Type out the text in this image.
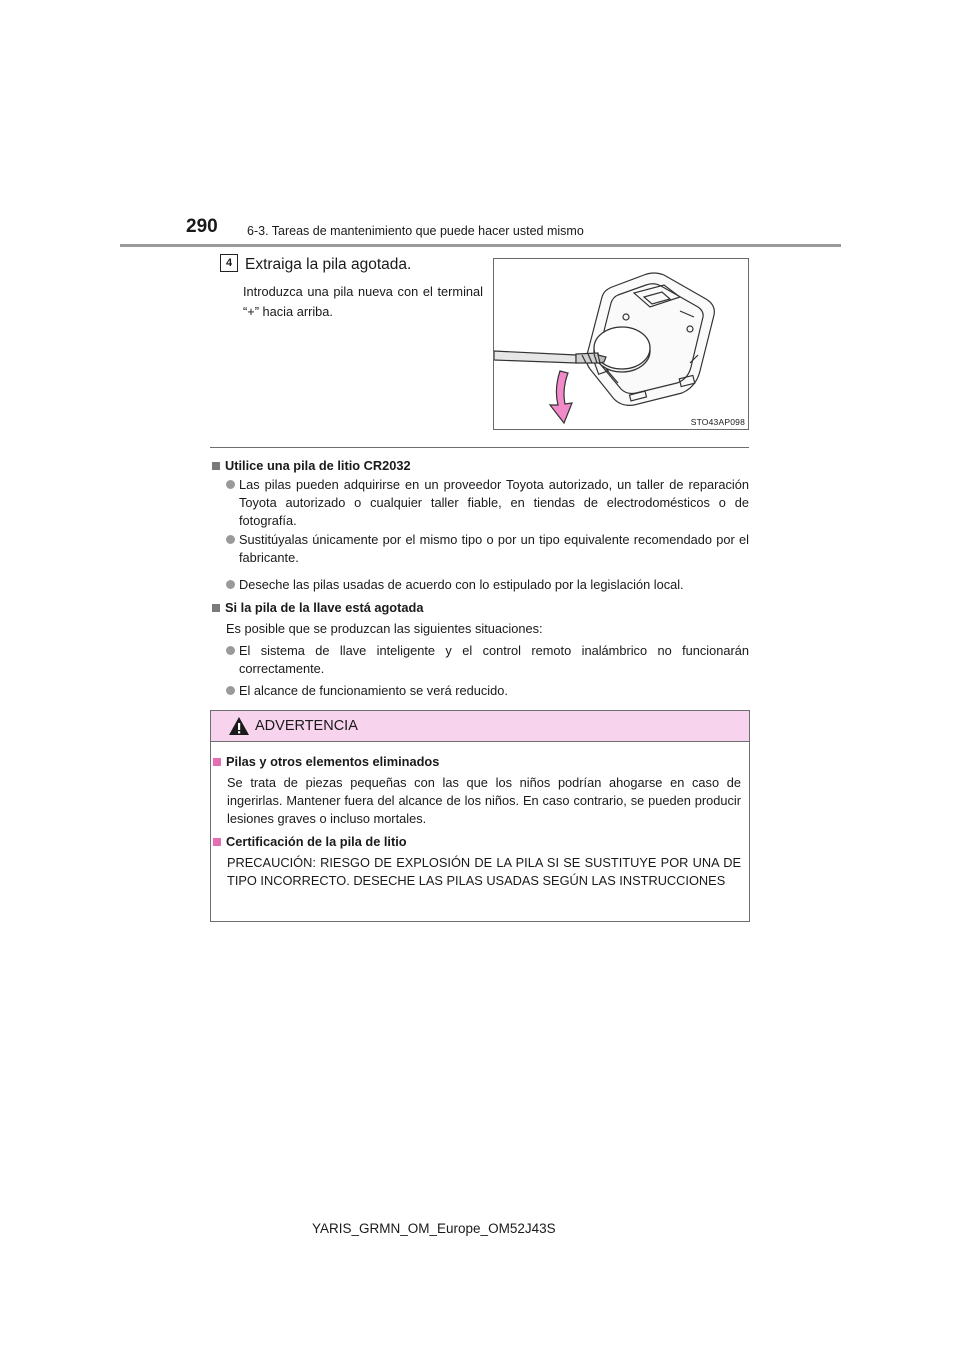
290 6-3. Tareas de mantenimiento que puede hacer usted mismo
4 Extraiga la pila agotada.
Introduzca una pila nueva con el terminal “+” hacia arriba.
STO43AP098
Utilice una pila de litio CR2032
Las pilas pueden adquirirse en un proveedor Toyota autorizado, un taller de reparación Toyota autorizado o cualquier taller fiable, en tiendas de electrodomésticos o de fotografía.
Sustitúyalas únicamente por el mismo tipo o por un tipo equivalente recomendado por el fabricante.
Deseche las pilas usadas de acuerdo con lo estipulado por la legislación local.
Si la pila de la llave está agotada
Es posible que se produzcan las siguientes situaciones:
El sistema de llave inteligente y el control remoto inalámbrico no funcionarán correctamente.
El alcance de funcionamiento se verá reducido.
ADVERTENCIA
Pilas y otros elementos eliminados
Se trata de piezas pequeñas con las que los niños podrían ahogarse en caso de ingerirlas. Mantener fuera del alcance de los niños. En caso contrario, se pueden producir lesiones graves o incluso mortales.
Certificación de la pila de litio
PRECAUCIÓN: RIESGO DE EXPLOSIÓN DE LA PILA SI SE SUSTITUYE POR UNA DE TIPO INCORRECTO. DESECHE LAS PILAS USADAS SEGÚN LAS INSTRUCCIONES
YARIS_GRMN_OM_Europe_OM52J43S
